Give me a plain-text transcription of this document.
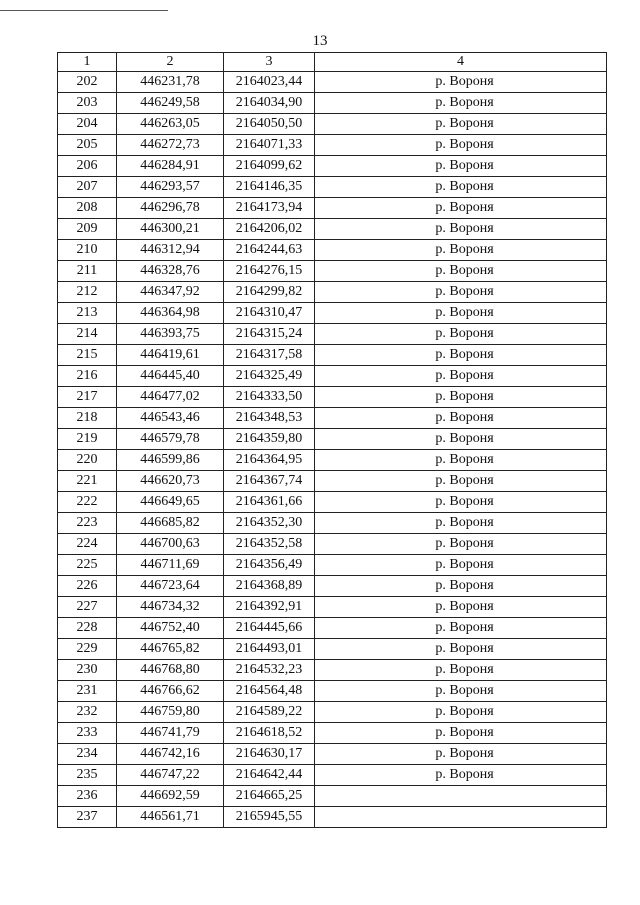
13
1	2	3	4
202	446231,78	2164023,44	р. Вороня
203	446249,58	2164034,90	р. Вороня
204	446263,05	2164050,50	р. Вороня
205	446272,73	2164071,33	р. Вороня
206	446284,91	2164099,62	р. Вороня
207	446293,57	2164146,35	р. Вороня
208	446296,78	2164173,94	р. Вороня
209	446300,21	2164206,02	р. Вороня
210	446312,94	2164244,63	р. Вороня
211	446328,76	2164276,15	р. Вороня
212	446347,92	2164299,82	р. Вороня
213	446364,98	2164310,47	р. Вороня
214	446393,75	2164315,24	р. Вороня
215	446419,61	2164317,58	р. Вороня
216	446445,40	2164325,49	р. Вороня
217	446477,02	2164333,50	р. Вороня
218	446543,46	2164348,53	р. Вороня
219	446579,78	2164359,80	р. Вороня
220	446599,86	2164364,95	р. Вороня
221	446620,73	2164367,74	р. Вороня
222	446649,65	2164361,66	р. Вороня
223	446685,82	2164352,30	р. Вороня
224	446700,63	2164352,58	р. Вороня
225	446711,69	2164356,49	р. Вороня
226	446723,64	2164368,89	р. Вороня
227	446734,32	2164392,91	р. Вороня
228	446752,40	2164445,66	р. Вороня
229	446765,82	2164493,01	р. Вороня
230	446768,80	2164532,23	р. Вороня
231	446766,62	2164564,48	р. Вороня
232	446759,80	2164589,22	р. Вороня
233	446741,79	2164618,52	р. Вороня
234	446742,16	2164630,17	р. Вороня
235	446747,22	2164642,44	р. Вороня
236	446692,59	2164665,25	
237	446561,71	2165945,55	
